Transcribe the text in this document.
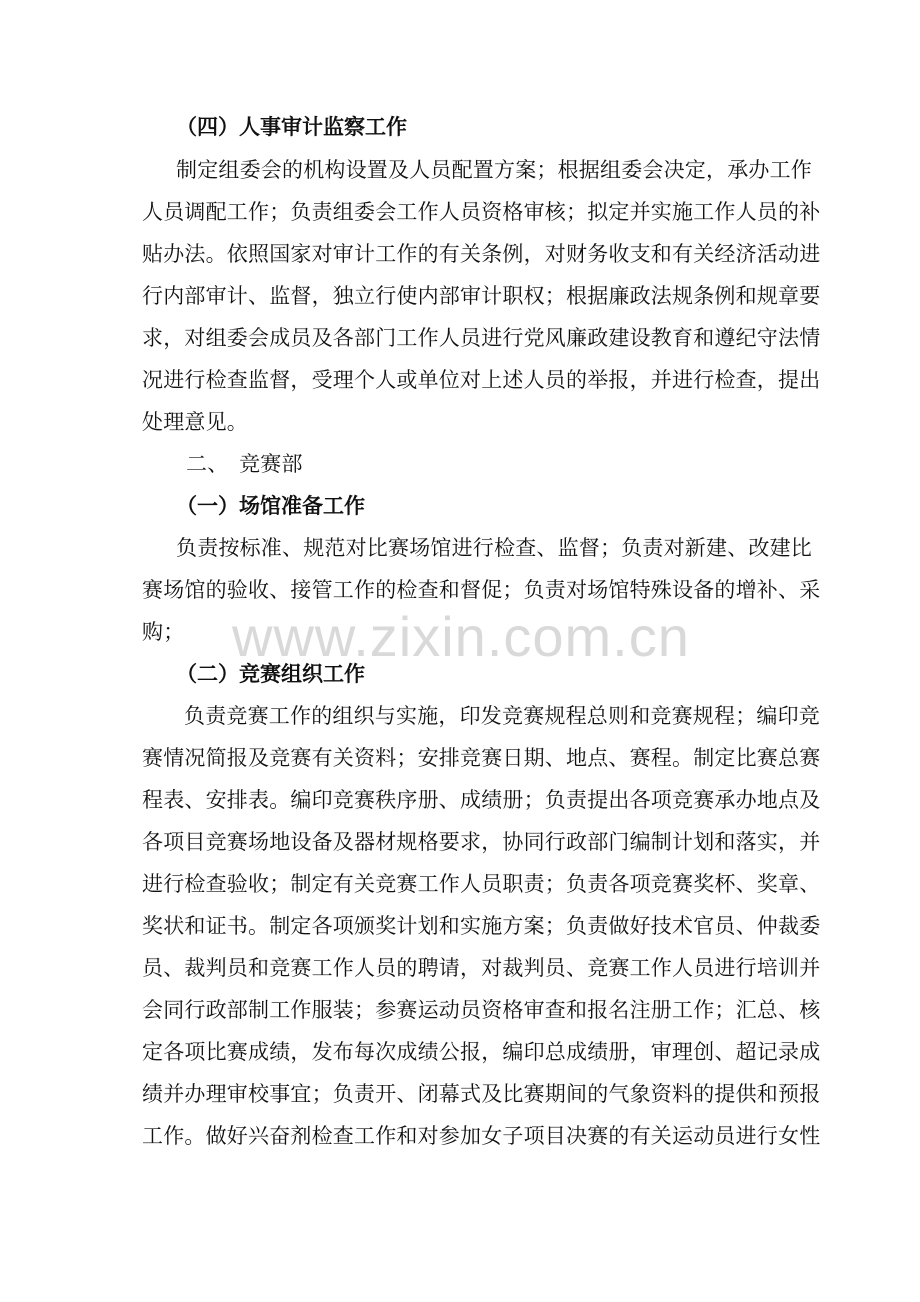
（四）人事审计监察工作
制定组委会的机构设置及人员配置方案；根据组委会决定，承办工作
人员调配工作；负责组委会工作人员资格审核；拟定并实施工作人员的补
贴办法。依照国家对审计工作的有关条例，对财务收支和有关经济活动进
行内部审计、监督，独立行使内部审计职权；根据廉政法规条例和规章要
求，对组委会成员及各部门工作人员进行党风廉政建设教育和遵纪守法情
况进行检查监督，受理个人或单位对上述人员的举报，并进行检查，提出
处理意见。
二、　竞赛部
（一）场馆准备工作
负责按标准、规范对比赛场馆进行检查、监督；负责对新建、改建比
赛场馆的验收、接管工作的检查和督促；负责对场馆特殊设备的增补、采
购；
（二）竞赛组织工作
负责竞赛工作的组织与实施，印发竞赛规程总则和竞赛规程；编印竞
赛情况简报及竞赛有关资料；安排竞赛日期、地点、赛程。制定比赛总赛
程表、安排表。编印竞赛秩序册、成绩册；负责提出各项竞赛承办地点及
各项目竞赛场地设备及器材规格要求，协同行政部门编制计划和落实，并
进行检查验收；制定有关竞赛工作人员职责；负责各项竞赛奖杯、奖章、
奖状和证书。制定各项颁奖计划和实施方案；负责做好技术官员、仲裁委
员、裁判员和竞赛工作人员的聘请，对裁判员、竞赛工作人员进行培训并
会同行政部制工作服装；参赛运动员资格审查和报名注册工作；汇总、核
定各项比赛成绩，发布每次成绩公报，编印总成绩册，审理创、超记录成
绩并办理审校事宜；负责开、闭幕式及比赛期间的气象资料的提供和预报
工作。做好兴奋剂检查工作和对参加女子项目决赛的有关运动员进行女性
www.zixin.com.cn
